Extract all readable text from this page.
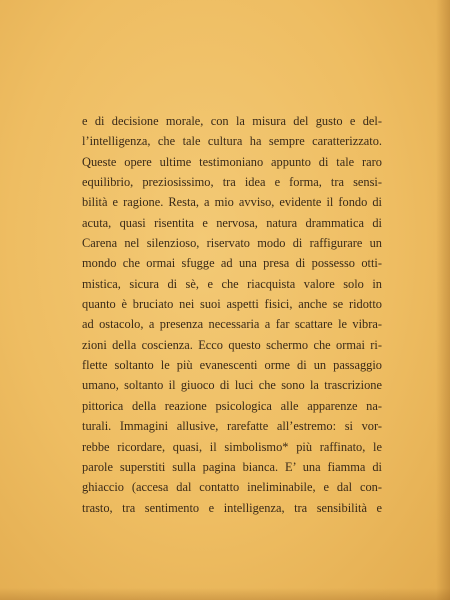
e di decisione morale, con la misura del gusto e del-
l’intelligenza, che tale cultura ha sempre caratterizzato.
Queste opere ultime testimoniano appunto di tale raro
equilibrio, preziosissimo, tra idea e forma, tra sensi-
bilità e ragione. Resta, a mio avviso, evidente il fondo di
acuta, quasi risentita e nervosa, natura drammatica di
Carena nel silenzioso, riservato modo di raffigurare un
mondo che ormai sfugge ad una presa di possesso otti-
mistica, sicura di sè, e che riacquista valore solo in
quanto è bruciato nei suoi aspetti fisici, anche se ridotto
ad ostacolo, a presenza necessaria a far scattare le vibra-
zioni della coscienza. Ecco questo schermo che ormai ri-
flette soltanto le più evanescenti orme di un passaggio
umano, soltanto il giuoco di luci che sono la trascrizione
pittorica della reazione psicologica alle apparenze na-
turali. Immagini allusive, rarefatte all’estremo: si vor-
rebbe ricordare, quasi, il simbolismo* più raffinato, le
parole superstiti sulla pagina bianca. E’ una fiamma di
ghiaccio (accesa dal contatto ineliminabile, e dal con-
trasto, tra sentimento e intelligenza, tra sensibilità e
